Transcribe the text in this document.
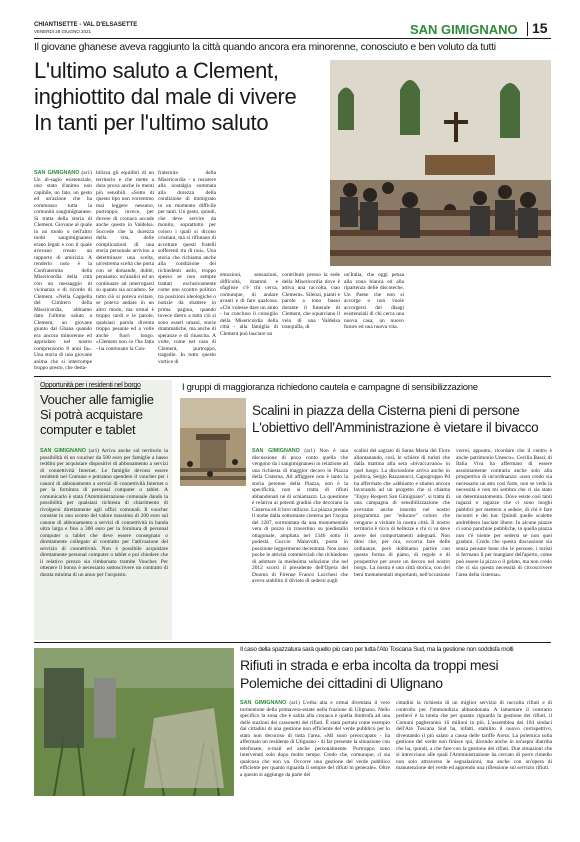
CHIANTISETTE - VAL D'ELSASETTE
VENERDI 28 GIUGNO 2021	SAN GIMIGNANO 15
Il giovane ghanese aveva raggiunto la città quando ancora era minorenne, conosciuto e ben voluto da tutti
L'ultimo saluto a Clement,
inghiottito dal male di vivere
In tanti per l'ultimo saluto
SAN GIMIGNANO (ar1) Un di-sagio esistenziale, uno stato d'animo non capibile, un fato, un gesto ed un'azione che ha commosso tutta la comunità sangimignanese. Si tratta della storia di Clement. Giovane al quale in un modo o nell'altro molti sangimignanesi erano legati e con il quale avevano creato un rapporto di amicizia. A renderlo noto è la Confraternita della Misericordia della città con un messaggio di vicinanza e di ricordo di Clement. «Nella Cappella del Cimitero della Misericordia, abbiamo dato l'ultimo saluto a Clement, un giovane giunto dal Ghana quando era ancora minorenne ed approdato nel nostro comprensorio 8 anni fa». Una storia di una giovane anima che si interrompe troppo presto, che desta-
bilizza gli equilibri di un territorio e che mette a dura prova anche le menti più sensibili. «Sotto di questo tipo non vorremmo mai leggere nessuno, purtroppo, invece, per dovere di cronaca accade anche questo in Valdelsa. Succede che la durezza della vita, delle complicazioni di una storia personale arrivino a determinare una scelta, un'estrema scelta che porta con sé domande, dubbi, pensiamo, un'analisi ed un continuare ad interrogarsi su quanto sia accaduto. Se tutto ciò si poteva evitare, se poteva andare in un altro modo, ma ormai è troppo tardi e le parole, qualsiasi parola diventa troppo pesante ed a volte anche fuori luogo. «Clement non ce l'ha fatta - ha continuato la Con-
fraternita della Misericordia - a resistere alla nostalgia sommata alla durezza della condizione di immigrato in un momento difficile per tanti. Un gesto, quindi, che deve servire da monito, soprattutto per coloro i quali si dicono cristiani, ma si rifiutano di accettare questi fratelli sofferenti tra di noi». Una storia che richiama anche alla condizione dei richiedenti asilo, troppo spesso se non sempre trattati esclusivamente come uno scontro politico tra posizioni ideologiche o notizie da sbattere in prima pagina, quando invece dietro a tutto ciò si sono esseri umani, storie drammatiche, ma anche di speranze e di rinascita. A volte, come nel caso di Clement, purtroppo, tragedie. In tutto questo vortice di
emozioni, sensazioni, difficoltà, drammi e sfaglisie c'è chi cerca, comunque, di andare avanti e di fare qualcosa. «Chi volesse dare un aiuto - ha concluso il consiglio della Misericordia della città - alla famiglia di Clement può lasciare un
contributo presso la sede della Misericordia dove è attiva una raccolta, ciao Clement». Silenzi, pianti e parole a tono basso durante il funerale di Clement, che squarciano il velo di una Valdelsa tranquilla, di
un'Italia, che oggi pensa alla zona bianca ed alla ripartenza delle discoteche. Un Paese che non si accorge o non vuole accorgersi dei disagi esistenziali di chi cerca una nuova casa, un nuovo futuro ed una nuova vita.
Opportunità per i residenti nel borgo
Voucher alle famiglie
Si potrà acquistare
computer e tablet
SAN GIMIGNANO (ar1) Arriva anche sul territorio la possibilità di un voucher da 500 euro per famiglie a basso reddito per acquistare dispositivi di abbonamento a servizi di connettività Internet. Le famiglie devono essere residenti nel Comune e potranno spendere il voucher per i canoni di abbonamento a servizi di connettività Internet o per la fornitura di personal computer o tablet. A comunicarlo è stata l'Amministrazione comunale dando la possibilità per qualsiasi richiesta di chiarimento di rivolgersi direttamente agli uffici comunali. Il voucher consiste in uno sconto del valore massimo di 200 euro sul canone di abbonamento a servizi di connettività in banda ultra larga e fino a 300 euro per la fornitura di personal computer o tablet che deve essere consegnato o direttamente collegato al contratto per l'attivazione del servizio di connettività. Non è possibile acquistare direttamente personal computer o tablet e poi chiedere che il relativo prezzo sia rimborsato tramite Voucher. Per ottenere il bonus è necessario sottoscrivere un contratto di durata minima di un anno per l'acquisto.
I gruppi di maggioranza richiedono cautela e campagne di sensibilizzazione
Scalini in piazza della Cisterna pieni di persone
L'obiettivo dell'Amministrazione è vietare il bivacco
SAN GIMIGNANO (ar1) Non è una discussione di poco conto quella che vengono da i sangimignanesi in relazione ad una richiesta di maggior decoro in Piazza della Cisterna. Ad affiggere non è tanto la storia perenne della Piazza, non è la specificità, non si tratta di rifiuti abbandonati né di schiamazzi. La questione è relativa ai potenti gradini che decorano la Cisterna ed il loro utilizzo. La piazza prende il nome dalla sottostante cisterna per l'acqua del 1287, sormontata da una monumentale vera di pozzo in travertino su piedistallo ottagonale, ampliata nel 1346 sotto il podestà Guccio Malavolti, posta in posizione leggermente decentrata. Non sono poche le attività commerciali che richiedono di adottare la medesima soluzione che nel 2012 scorsi il presidente dell'Opera del Duomo di Firenze Franco Lucchesi che aveva stabilito il divieto di sedersi sugli
scalini dei sagrato di Santa Maria del Fiore allontanando, così, le schiere di turisti che dalla mattina alla sera «bivaccavano» in quel luogo. La discussione arriva anche in politica, Sergio Razzanucci, Capogruppo Pd ha affermato che «abbiamo e stiamo ancora lavorando ad un progetto che si chiama "Enjoy Respect San Gimignano", si tratta di una campagna di sensibilizzazione che avevamo anche inserito nel nostro programma per "educare" coloro che vengono a visitare la nostra città. Il nostro territorio è ricco di bellezze e chi ci va deve avere dei comportamenti adeguati. Non direi che, per ora, occorra fare delle ordinanze, però dobbiamo partire con questa forma di piano, di regole e di prospettive per avere un decoro nel nostro borgo. La nostra è una città storica, con dei beni monumentali importanti, nell'occasione
vorrei, appunto, ricordare che il centro è anche patrimonio Unesco». Cecilia Bassi, di Italia Viva ha affermato di essere assolutamente contraria anche solo alla prospettiva di un'ordinanza: «non credo sia necessario un atto così forte, non se vedo la necessità e non mi sembra che ci sia stato un determinatomento. Dove esiste così tanti ragazzi e ragazze che ci sono luoghi pubblici per mettersi a sedere, di chi è fare incontri e dei bar. Quindi quelle scalette andrebbero lasciate libere. In alcune piazze ci sono panchine pubbliche, in quella piazza non c'è niente per sedersi se non quei gradoni. Credo che questa discussione sia senza pensare bene che le persone, i turisti si fermano lì per mangiare dell'aperto, come può essere la pizza o il gelato, ma non credo che ci sia questa necessità di circoscrivere l'area della cisterna».
Il caso della spazzatura sarà quello più caro per tutta l'Ato Toscana Sud, ma la gestione non soddisfa molti
Rifiuti in strada e erba incolta da troppi mesi
Polemiche dei cittadini di Ulignano
SAN GIMIGNANO (ar1) L'erba alta e ormai diventata il vero tormentone della primavera-estate nella frazione di Ulignano. Nello specifico la zona che è salita alla cronaca è quella limitrofa ad una delle stazioni dei cassonetti dei rifiuti. È stata portata come esempio dai cittadini di una gestione non efficiente del verde pubblico per lo stato non decoroso di tutta l'area. «Mi sono preoccupato - ha affermato un residente di Ulignano - di far presente la situazione con telefonate, e-mail ed anche personalmente. Purtroppo sono intervenuti solo dopo molto tempo. Credo che, comunque, ci sia qualcosa che non va. Occorre una gestione del verde pubblico efficiente per quanto riguarda il sempre del rifiuti in generale». Oltre a questo si aggiunge da parte dei
cittadini la richiesta di un miglior servizio di raccolta rifiuti e di controllo per l'immondizia abbandonata. A lamentare il contrario prelievi è la tutela che per quanto riguarda la gestione dei rifiuti, il Comuni pagheranno 16 milioni in più. L'assemblea dei 104 sindaci dell'Ato Toscana Sud ha, infatti, stabilito il nuovo corrispettivo, diventando il più salato a causa delle tariffe Arera. La polemica sulla gestione del verde non finisce qui, dicendo anche in un'aspra diatriba che ha, quindi, a che fare con la gestione dei rifiuti. Due situazioni che si intrecciano alle quali l'Amministrazione ha cercato di porre rimedio non solo attraverso le segnalazioni, ma anche con un'opera di manutenzione del verde ed apprendo una riflessione sul servizio rifiuti.
